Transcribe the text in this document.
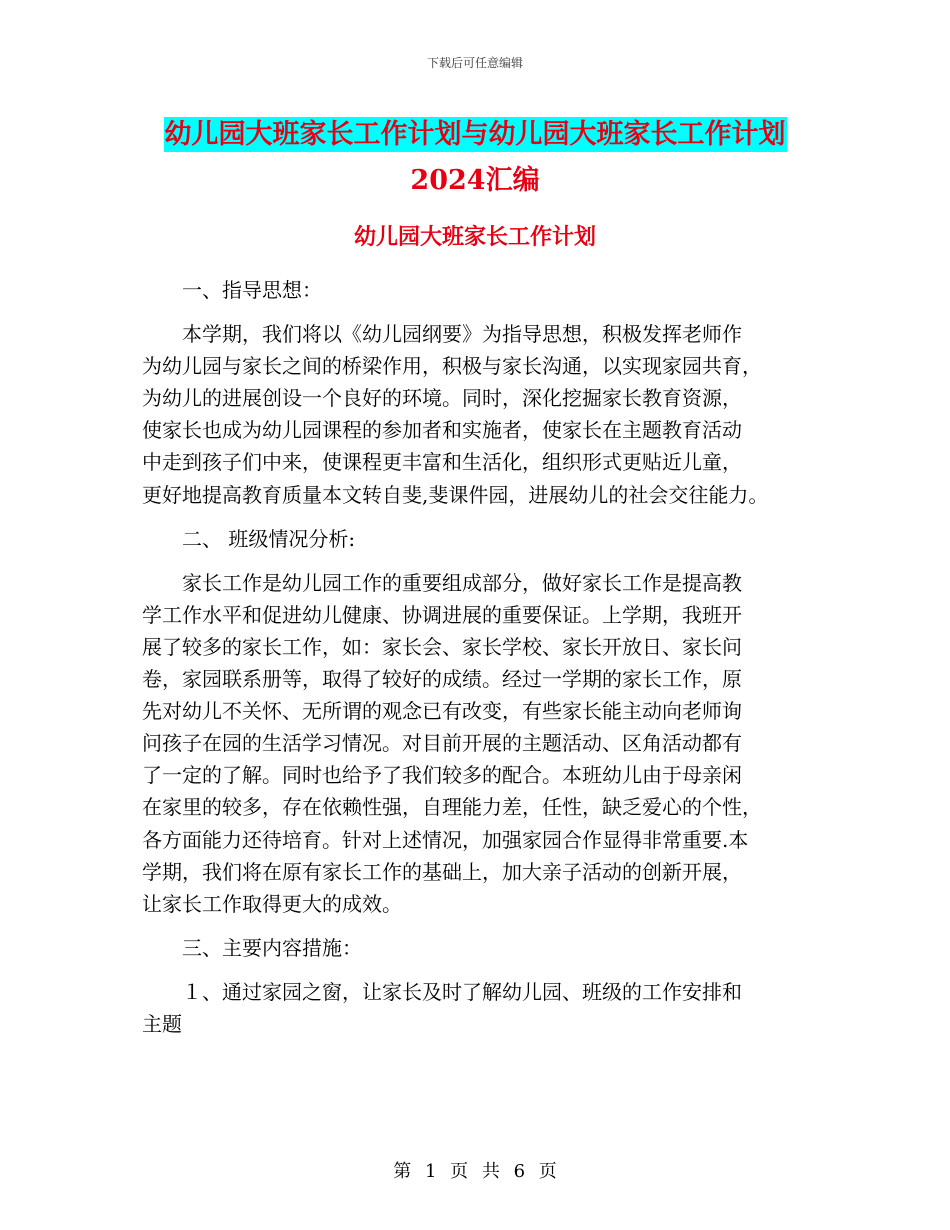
下载后可任意编辑
幼儿园大班家长工作计划与幼儿园大班家长工作计划
2024汇编
幼儿园大班家长工作计划

　　一、指导思想：

　　本学期，我们将以《幼儿园纲要》为指导思想，积极发挥老师作

为幼儿园与家长之间的桥梁作用，积极与家长沟通，以实现家园共育，

为幼儿的进展创设一个良好的环境。同时，深化挖掘家长教育资源，

使家长也成为幼儿园课程的参加者和实施者，使家长在主题教育活动

中走到孩子们中来，使课程更丰富和生活化，组织形式更贴近儿童，

更好地提高教育质量本文转自斐,斐课件园，进展幼儿的社会交往能力。

　　二、 班级情况分析:

　　家长工作是幼儿园工作的重要组成部分，做好家长工作是提高教

学工作水平和促进幼儿健康、协调进展的重要保证。上学期，我班开

展了较多的家长工作，如：家长会、家长学校、家长开放日、家长问

卷，家园联系册等，取得了较好的成绩。经过一学期的家长工作，原

先对幼儿不关怀、无所谓的观念已有改变，有些家长能主动向老师询

问孩子在园的生活学习情况。对目前开展的主题活动、区角活动都有

了一定的了解。同时也给予了我们较多的配合。本班幼儿由于母亲闲

在家里的较多，存在依赖性强，自理能力差，任性，缺乏爱心的个性，

各方面能力还待培育。针对上述情况，加强家园合作显得非常重要.本

学期，我们将在原有家长工作的基础上，加大亲子活动的创新开展，

让家长工作取得更大的成效。

　　三、主要内容措施：

　　１、通过家园之窗，让家长及时了解幼儿园、班级的工作安排和

主题

第 1 页 共 6 页
